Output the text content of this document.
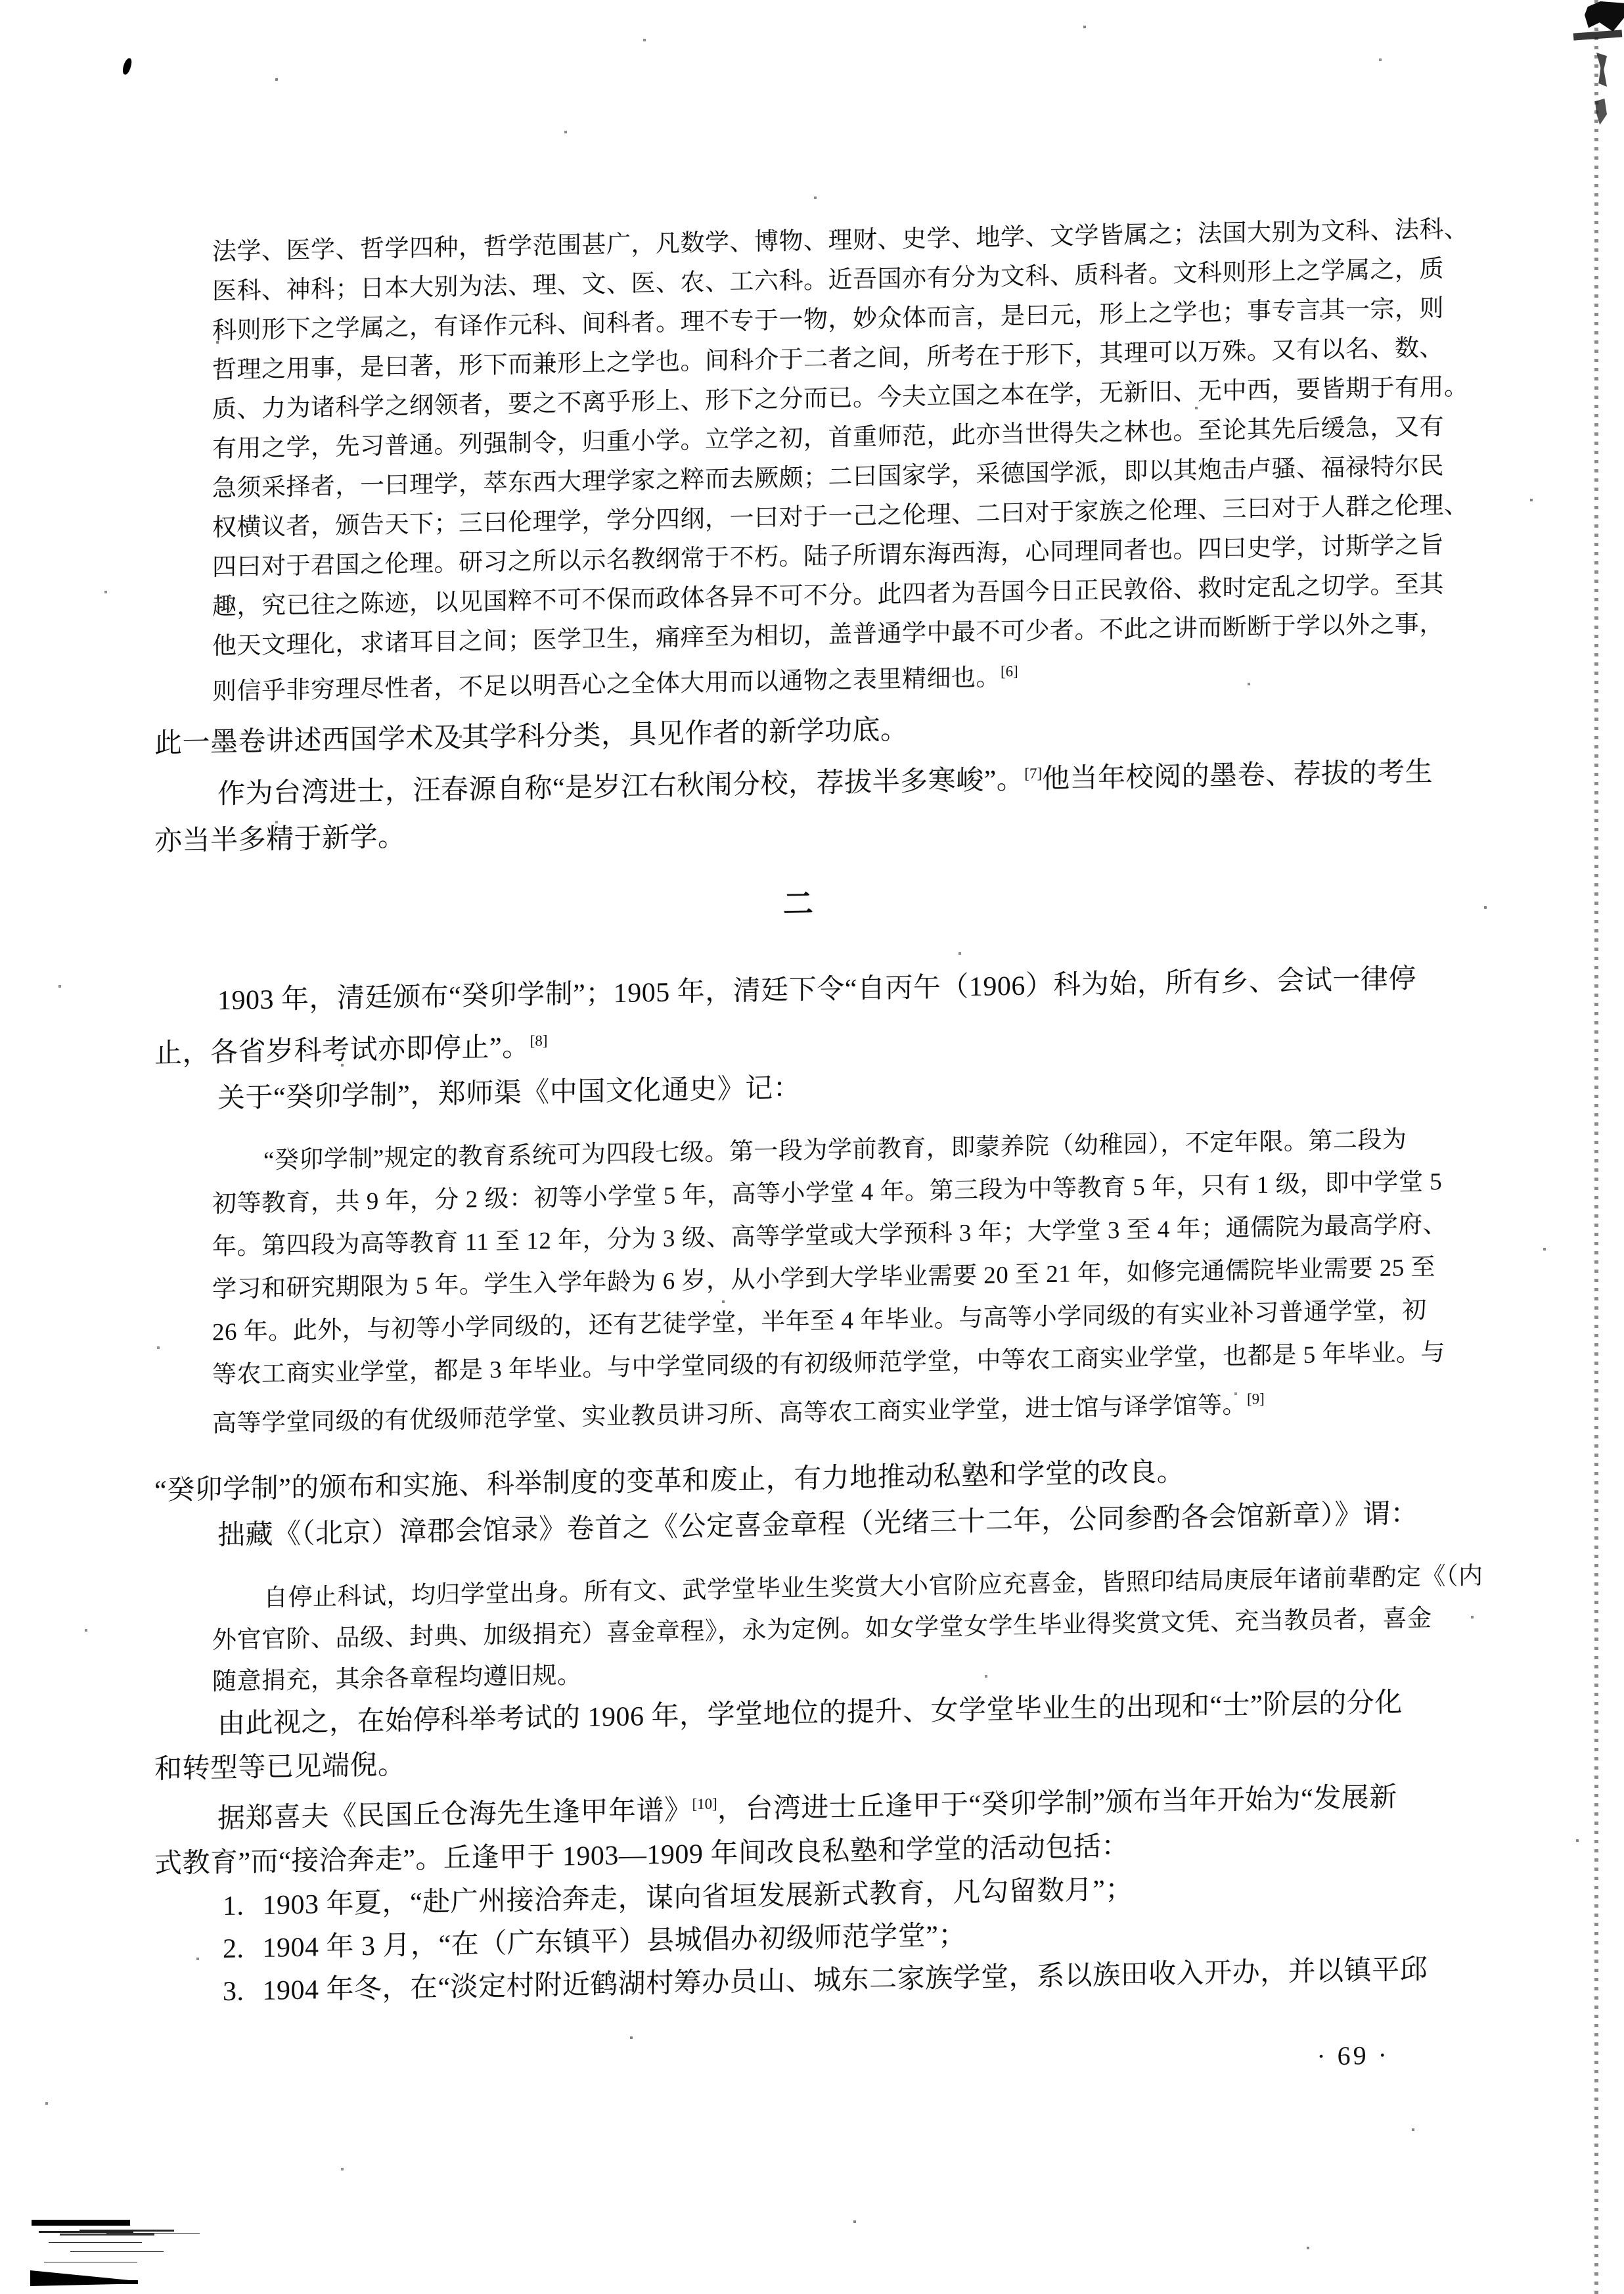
法学、医学、哲学四种，哲学范围甚广，凡数学、博物、理财、史学、地学、文学皆属之；法国大别为文科、法科、
医科、神科；日本大别为法、理、文、医、农、工六科。近吾国亦有分为文科、质科者。文科则形上之学属之，质
科则形下之学属之，有译作元科、间科者。理不专于一物，妙众体而言，是曰元，形上之学也；事专言其一宗，则
哲理之用事，是曰著，形下而兼形上之学也。间科介于二者之间，所考在于形下，其理可以万殊。又有以名、数、
质、力为诸科学之纲领者，要之不离乎形上、形下之分而已。今夫立国之本在学，无新旧、无中西，要皆期于有用。
有用之学，先习普通。列强制令，归重小学。立学之初，首重师范，此亦当世得失之林也。至论其先后缓急，又有
急须采择者，一曰理学，萃东西大理学家之粹而去厥颇；二曰国家学，采德国学派，即以其炮击卢骚、福禄特尔民
权横议者，颁告天下；三曰伦理学，学分四纲，一曰对于一己之伦理、二曰对于家族之伦理、三曰对于人群之伦理、
四曰对于君国之伦理。研习之所以示名教纲常于不朽。陆子所谓东海西海，心同理同者也。四曰史学，讨斯学之旨
趣，究已往之陈迹，以见国粹不可不保而政体各异不可不分。此四者为吾国今日正民敦俗、救时定乱之切学。至其
他天文理化，求诸耳目之间；医学卫生，痛痒至为相切，盖普通学中最不可少者。不此之讲而断断于学以外之事，
则信乎非穷理尽性者，不足以明吾心之全体大用而以通物之表里精细也。[6]
此一墨卷讲述西国学术及其学科分类，具见作者的新学功底。
作为台湾进士，汪春源自称“是岁江右秋闱分校，荐拔半多寒峻”。[7]他当年校阅的墨卷、荐拔的考生
亦当半多精于新学。
二
1903 年，清廷颁布“癸卯学制”；1905 年，清廷下令“自丙午（1906）科为始，所有乡、会试一律停
止，各省岁科考试亦即停止”。[8]
关于“癸卯学制”，郑师渠《中国文化通史》记：
“癸卯学制”规定的教育系统可为四段七级。第一段为学前教育，即蒙养院（幼稚园），不定年限。第二段为
初等教育，共 9 年，分 2 级：初等小学堂 5 年，高等小学堂 4 年。第三段为中等教育 5 年，只有 1 级，即中学堂 5
年。第四段为高等教育 11 至 12 年，分为 3 级、高等学堂或大学预科 3 年；大学堂 3 至 4 年；通儒院为最高学府、
学习和研究期限为 5 年。学生入学年龄为 6 岁，从小学到大学毕业需要 20 至 21 年，如修完通儒院毕业需要 25 至
26 年。此外，与初等小学同级的，还有艺徒学堂，半年至 4 年毕业。与高等小学同级的有实业补习普通学堂，初
等农工商实业学堂，都是 3 年毕业。与中学堂同级的有初级师范学堂，中等农工商实业学堂，也都是 5 年毕业。与
高等学堂同级的有优级师范学堂、实业教员讲习所、高等农工商实业学堂，进士馆与译学馆等。[9]
“癸卯学制”的颁布和实施、科举制度的变革和废止，有力地推动私塾和学堂的改良。
拙藏《（北京）漳郡会馆录》卷首之《公定喜金章程（光绪三十二年，公同参酌各会馆新章）》谓：
自停止科试，均归学堂出身。所有文、武学堂毕业生奖赏大小官阶应充喜金，皆照印结局庚辰年诸前辈酌定《（内
外官官阶、品级、封典、加级捐充）喜金章程》，永为定例。如女学堂女学生毕业得奖赏文凭、充当教员者，喜金
随意捐充，其余各章程均遵旧规。
由此视之，在始停科举考试的 1906 年，学堂地位的提升、女学堂毕业生的出现和“士”阶层的分化
和转型等已见端倪。
据郑喜夫《民国丘仓海先生逢甲年谱》[10]，台湾进士丘逢甲于“癸卯学制”颁布当年开始为“发展新
式教育”而“接洽奔走”。丘逢甲于 1903—1909 年间改良私塾和学堂的活动包括：
1. 1903 年夏，“赴广州接洽奔走，谋向省垣发展新式教育，凡勾留数月”；
2. 1904 年 3 月，“在（广东镇平）县城倡办初级师范学堂”；
3. 1904 年冬，在“淡定村附近鹤湖村筹办员山、城东二家族学堂，系以族田收入开办，并以镇平邱
· 69 ·
